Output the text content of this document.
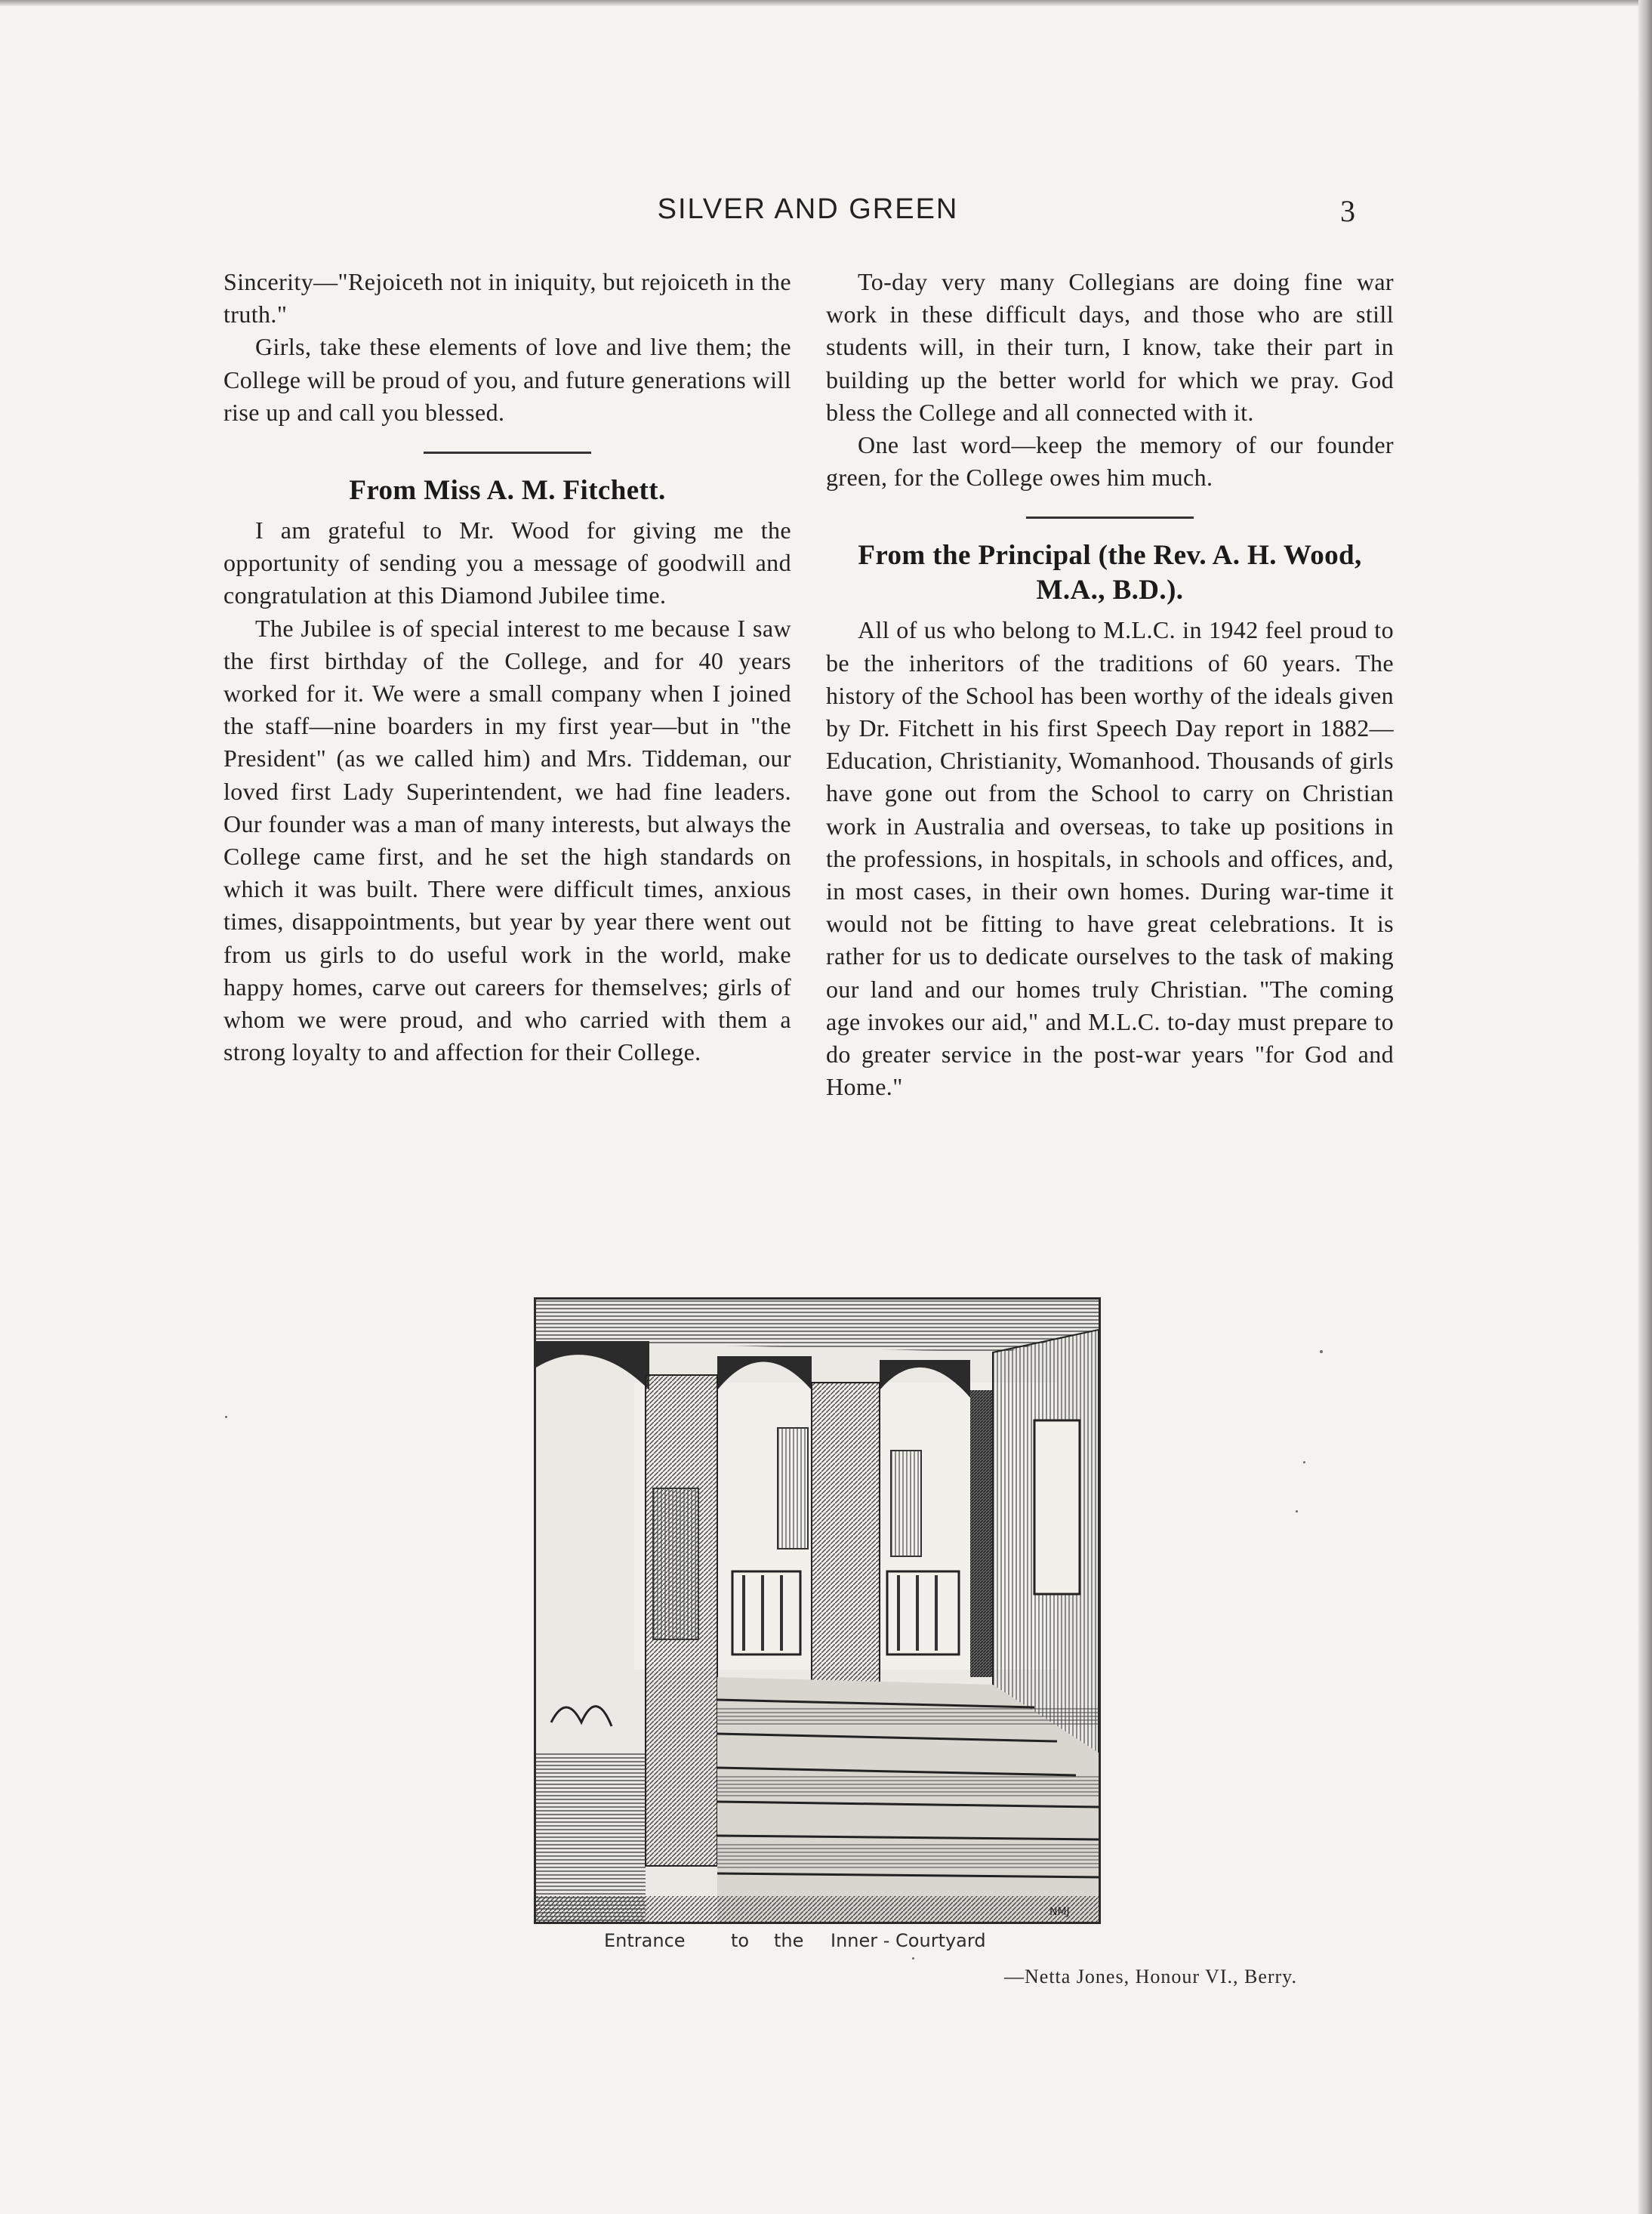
SILVER AND GREEN	3

Sincerity—"Rejoiceth not in iniquity, but rejoiceth in the truth."

Girls, take these elements of love and live them; the College will be proud of you, and future generations will rise up and call you blessed.

From Miss A. M. Fitchett.

I am grateful to Mr. Wood for giving me the opportunity of sending you a message of goodwill and congratulation at this Diamond Jubilee time.

The Jubilee is of special interest to me because I saw the first birthday of the College, and for 40 years worked for it. We were a small company when I joined the staff—nine boarders in my first year—but in "the President" (as we called him) and Mrs. Tiddeman, our loved first Lady Superintendent, we had fine leaders. Our founder was a man of many interests, but always the College came first, and he set the high standards on which it was built. There were difficult times, anxious times, disappointments, but year by year there went out from us girls to do useful work in the world, make happy homes, carve out careers for themselves; girls of whom we were proud, and who carried with them a strong loyalty to and affection for their College.

To-day very many Collegians are doing fine war work in these difficult days, and those who are still students will, in their turn, I know, take their part in building up the better world for which we pray. God bless the College and all connected with it.

One last word—keep the memory of our founder green, for the College owes him much.

From the Principal (the Rev. A. H. Wood, M.A., B.D.).

All of us who belong to M.L.C. in 1942 feel proud to be the inheritors of the traditions of 60 years. The history of the School has been worthy of the ideals given by Dr. Fitchett in his first Speech Day report in 1882—Education, Christianity, Womanhood. Thousands of girls have gone out from the School to carry on Christian work in Australia and overseas, to take up positions in the professions, in hospitals, in schools and offices, and, in most cases, in their own homes. During war-time it would not be fitting to have great celebrations. It is rather for us to dedicate ourselves to the task of making our land and our homes truly Christian. "The coming age invokes our aid," and M.L.C. to-day must prepare to do greater service in the post-war years "for God and Home."

NMJ
Entrance	to the Inner - Courtyard
—Netta Jones, Honour VI., Berry.
